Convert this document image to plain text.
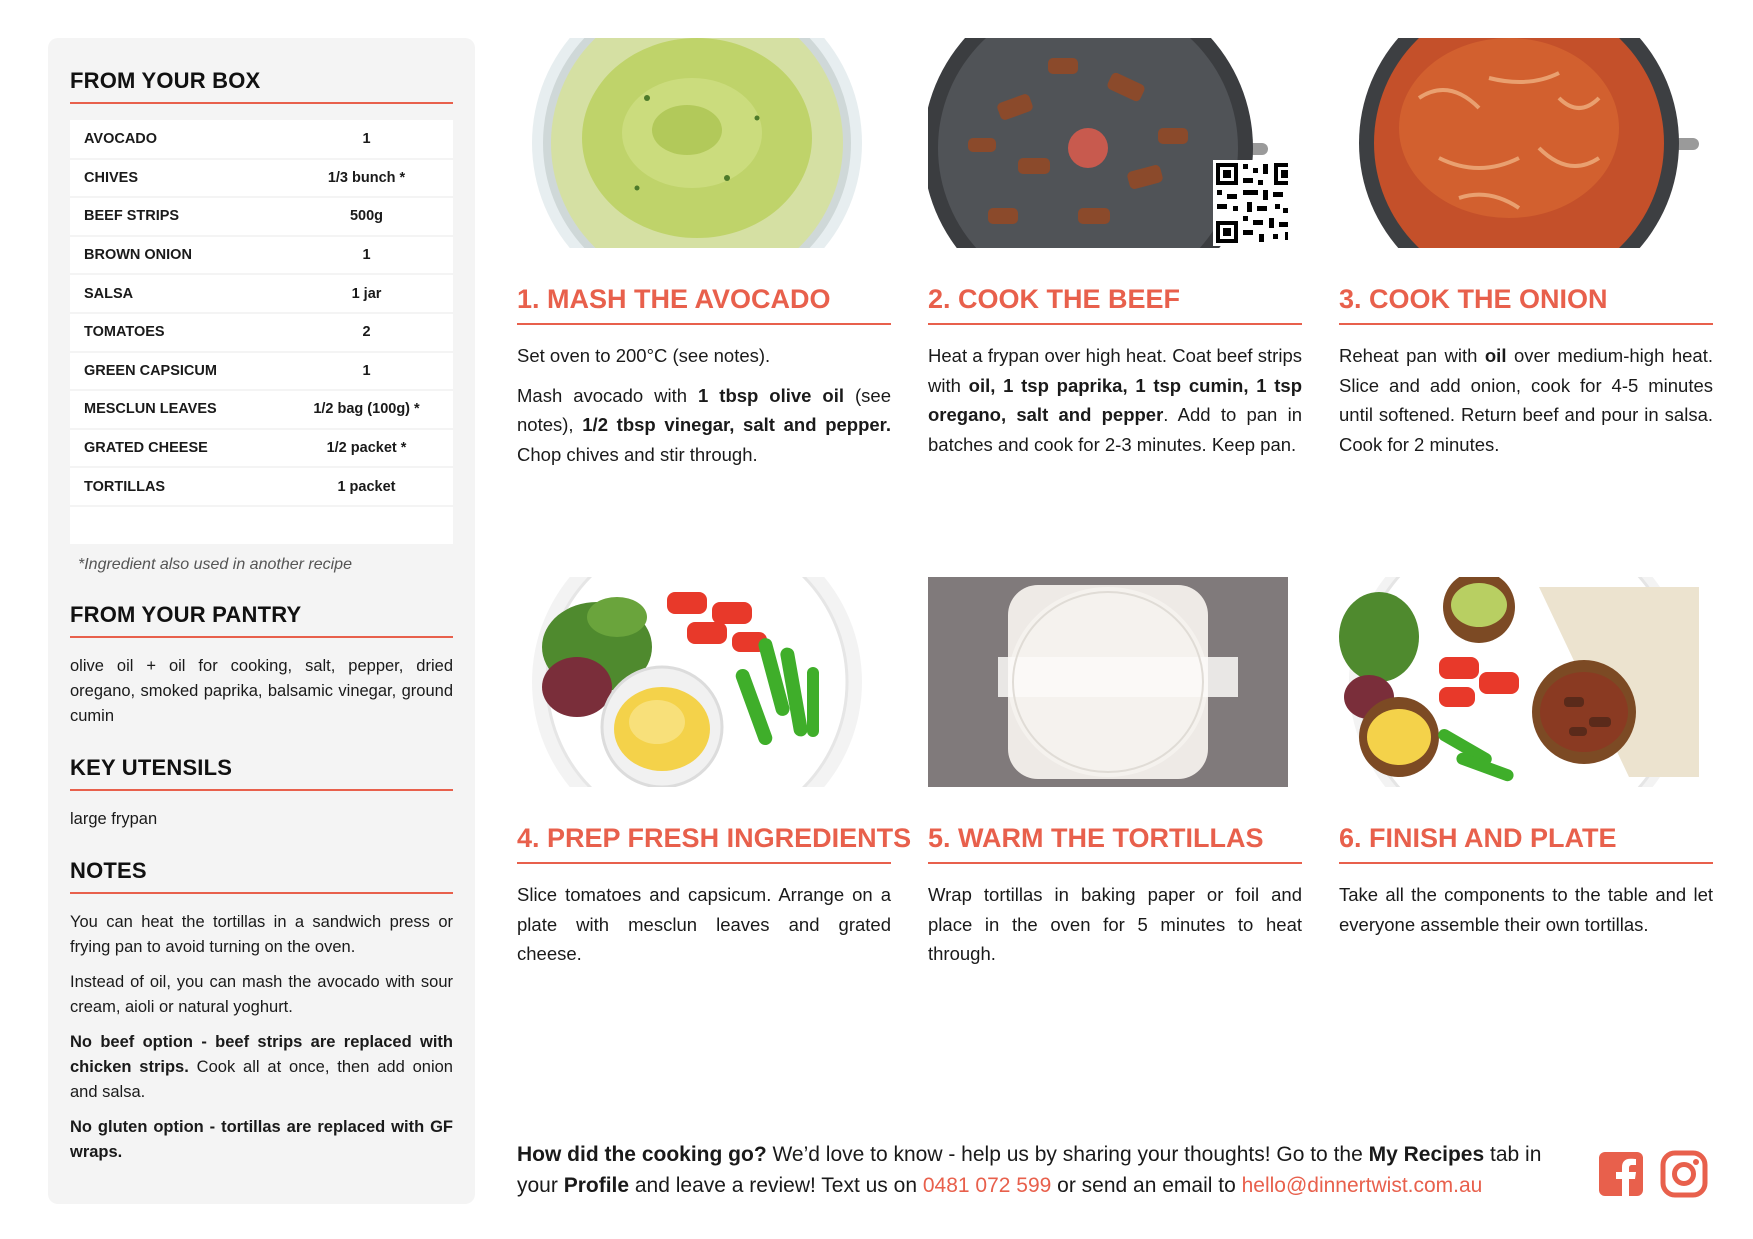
FROM YOUR BOX
AVOCADO	1
CHIVES	1/3 bunch *
BEEF STRIPS	500g
BROWN ONION	1
SALSA	1 jar
TOMATOES	2
GREEN CAPSICUM	1
MESCLUN LEAVES	1/2 bag (100g) *
GRATED CHEESE	1/2 packet *
TORTILLAS	1 packet

*Ingredient also used in another recipe
FROM YOUR PANTRY
olive oil + oil for cooking, salt, pepper, dried oregano, smoked paprika, balsamic vinegar, ground cumin
KEY UTENSILS
large frypan
NOTES

You can heat the tortillas in a sandwich press or frying pan to avoid turning on the oven.

Instead of oil, you can mash the avocado with sour cream, aioli or natural yoghurt.

No beef option - beef strips are replaced with chicken strips. Cook all at once, then add onion and salsa.

No gluten option - tortillas are replaced with GF wraps.

1. MASH THE AVOCADO

Set oven to 200°C (see notes).

Mash avocado with 1 tbsp olive oil (see notes), 1/2 tbsp vinegar, salt and pepper. Chop chives and stir through.

2. COOK THE BEEF

Heat a frypan over high heat. Coat beef strips with oil, 1 tsp paprika, 1 tsp cumin, 1 tsp oregano, salt and pepper. Add to pan in batches and cook for 2-3 minutes. Keep pan.

3. COOK THE ONION

Reheat pan with oil over medium-high heat. Slice and add onion, cook for 4-5 minutes until softened. Return beef and pour in salsa. Cook for 2 minutes.

4. PREP FRESH INGREDIENTS
Slice tomatoes and capsicum. Arrange on a plate with mesclun leaves and grated cheese.
5. WARM THE TORTILLAS
Wrap tortillas in baking paper or foil and place in the oven for 5 minutes to heat through.
6. FINISH AND PLATE
Take all the components to the table and let everyone assemble their own tortillas.
How did the cooking go? We’d love to know - help us by sharing your thoughts! Go to the My Recipes tab in your Profile and leave a review! Text us on 0481 072 599 or send an email to hello@dinnertwist.com.au
